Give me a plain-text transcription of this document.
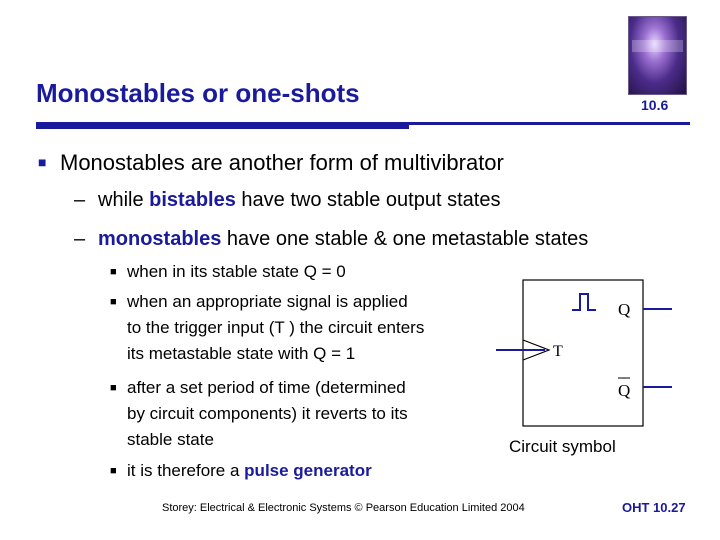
Monostables or one-shots	10.6
■ Monostables are another form of multivibrator
– while bistables have two stable output states
– monostables have one stable & one metastable states
■ when in its stable state Q = 0
■ when an appropriate signal is applied
to the trigger input (T ) the circuit enters
its metastable state with Q = 1
■ after a set period of time (determined
by circuit components) it reverts to its
stable state
■ it is therefore a pulse generator
Q
T
Q
Circuit symbol
Storey: Electrical & Electronic Systems © Pearson Education Limited 2004	OHT 10.27
